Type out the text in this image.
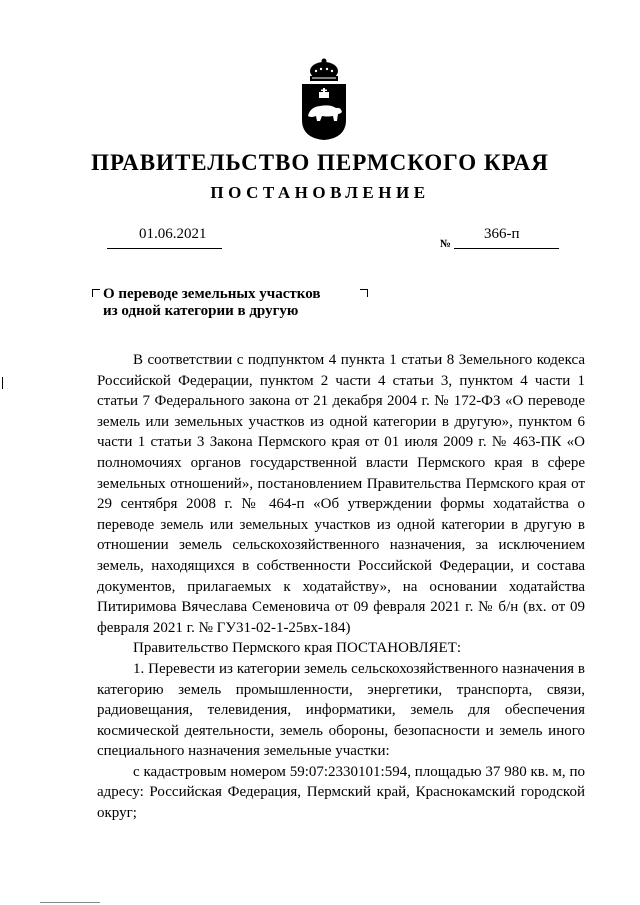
ПРАВИТЕЛЬСТВО ПЕРМСКОГО КРАЯ
ПОСТАНОВЛЕНИЕ
01.06.2021
№
366-п
О переводе земельных участков
из одной категории в другую

В соответствии с подпунктом 4 пункта 1 статьи 8 Земельного кодекса Российской Федерации, пунктом 2 части 4 статьи 3, пунктом 4 части 1 статьи 7 Федерального закона от 21 декабря 2004 г. № 172-ФЗ «О переводе земель или земельных участков из одной категории в другую», пунктом 6 части 1 статьи 3 Закона Пермского края от 01 июля 2009 г. № 463-ПК «О полномочиях органов государственной власти Пермского края в сфере земельных отношений», постановлением Правительства Пермского края от 29 сентября 2008 г. № 464-п «Об утверждении формы ходатайства о переводе земель или земельных участков из одной категории в другую в отношении земель сельскохозяйственного назначения, за исключением земель, находящихся в собственности Российской Федерации, и состава документов, прилагаемых к ходатайству», на основании ходатайства Питиримова Вячеслава Семеновича от 09 февраля 2021 г. № б/н (вх. от 09 февраля 2021 г. № ГУ31-02-1-25вх-184)

Правительство Пермского края ПОСТАНОВЛЯЕТ:

1. Перевести из категории земель сельскохозяйственного назначения в категорию земель промышленности, энергетики, транспорта, связи, радиовещания, телевидения, информатики, земель для обеспечения космической деятельности, земель обороны, безопасности и земель иного специального назначения земельные участки:

с кадастровым номером 59:07:2330101:594, площадью 37 980 кв. м, по адресу: Российская Федерация, Пермский край, Краснокамский городской округ;
